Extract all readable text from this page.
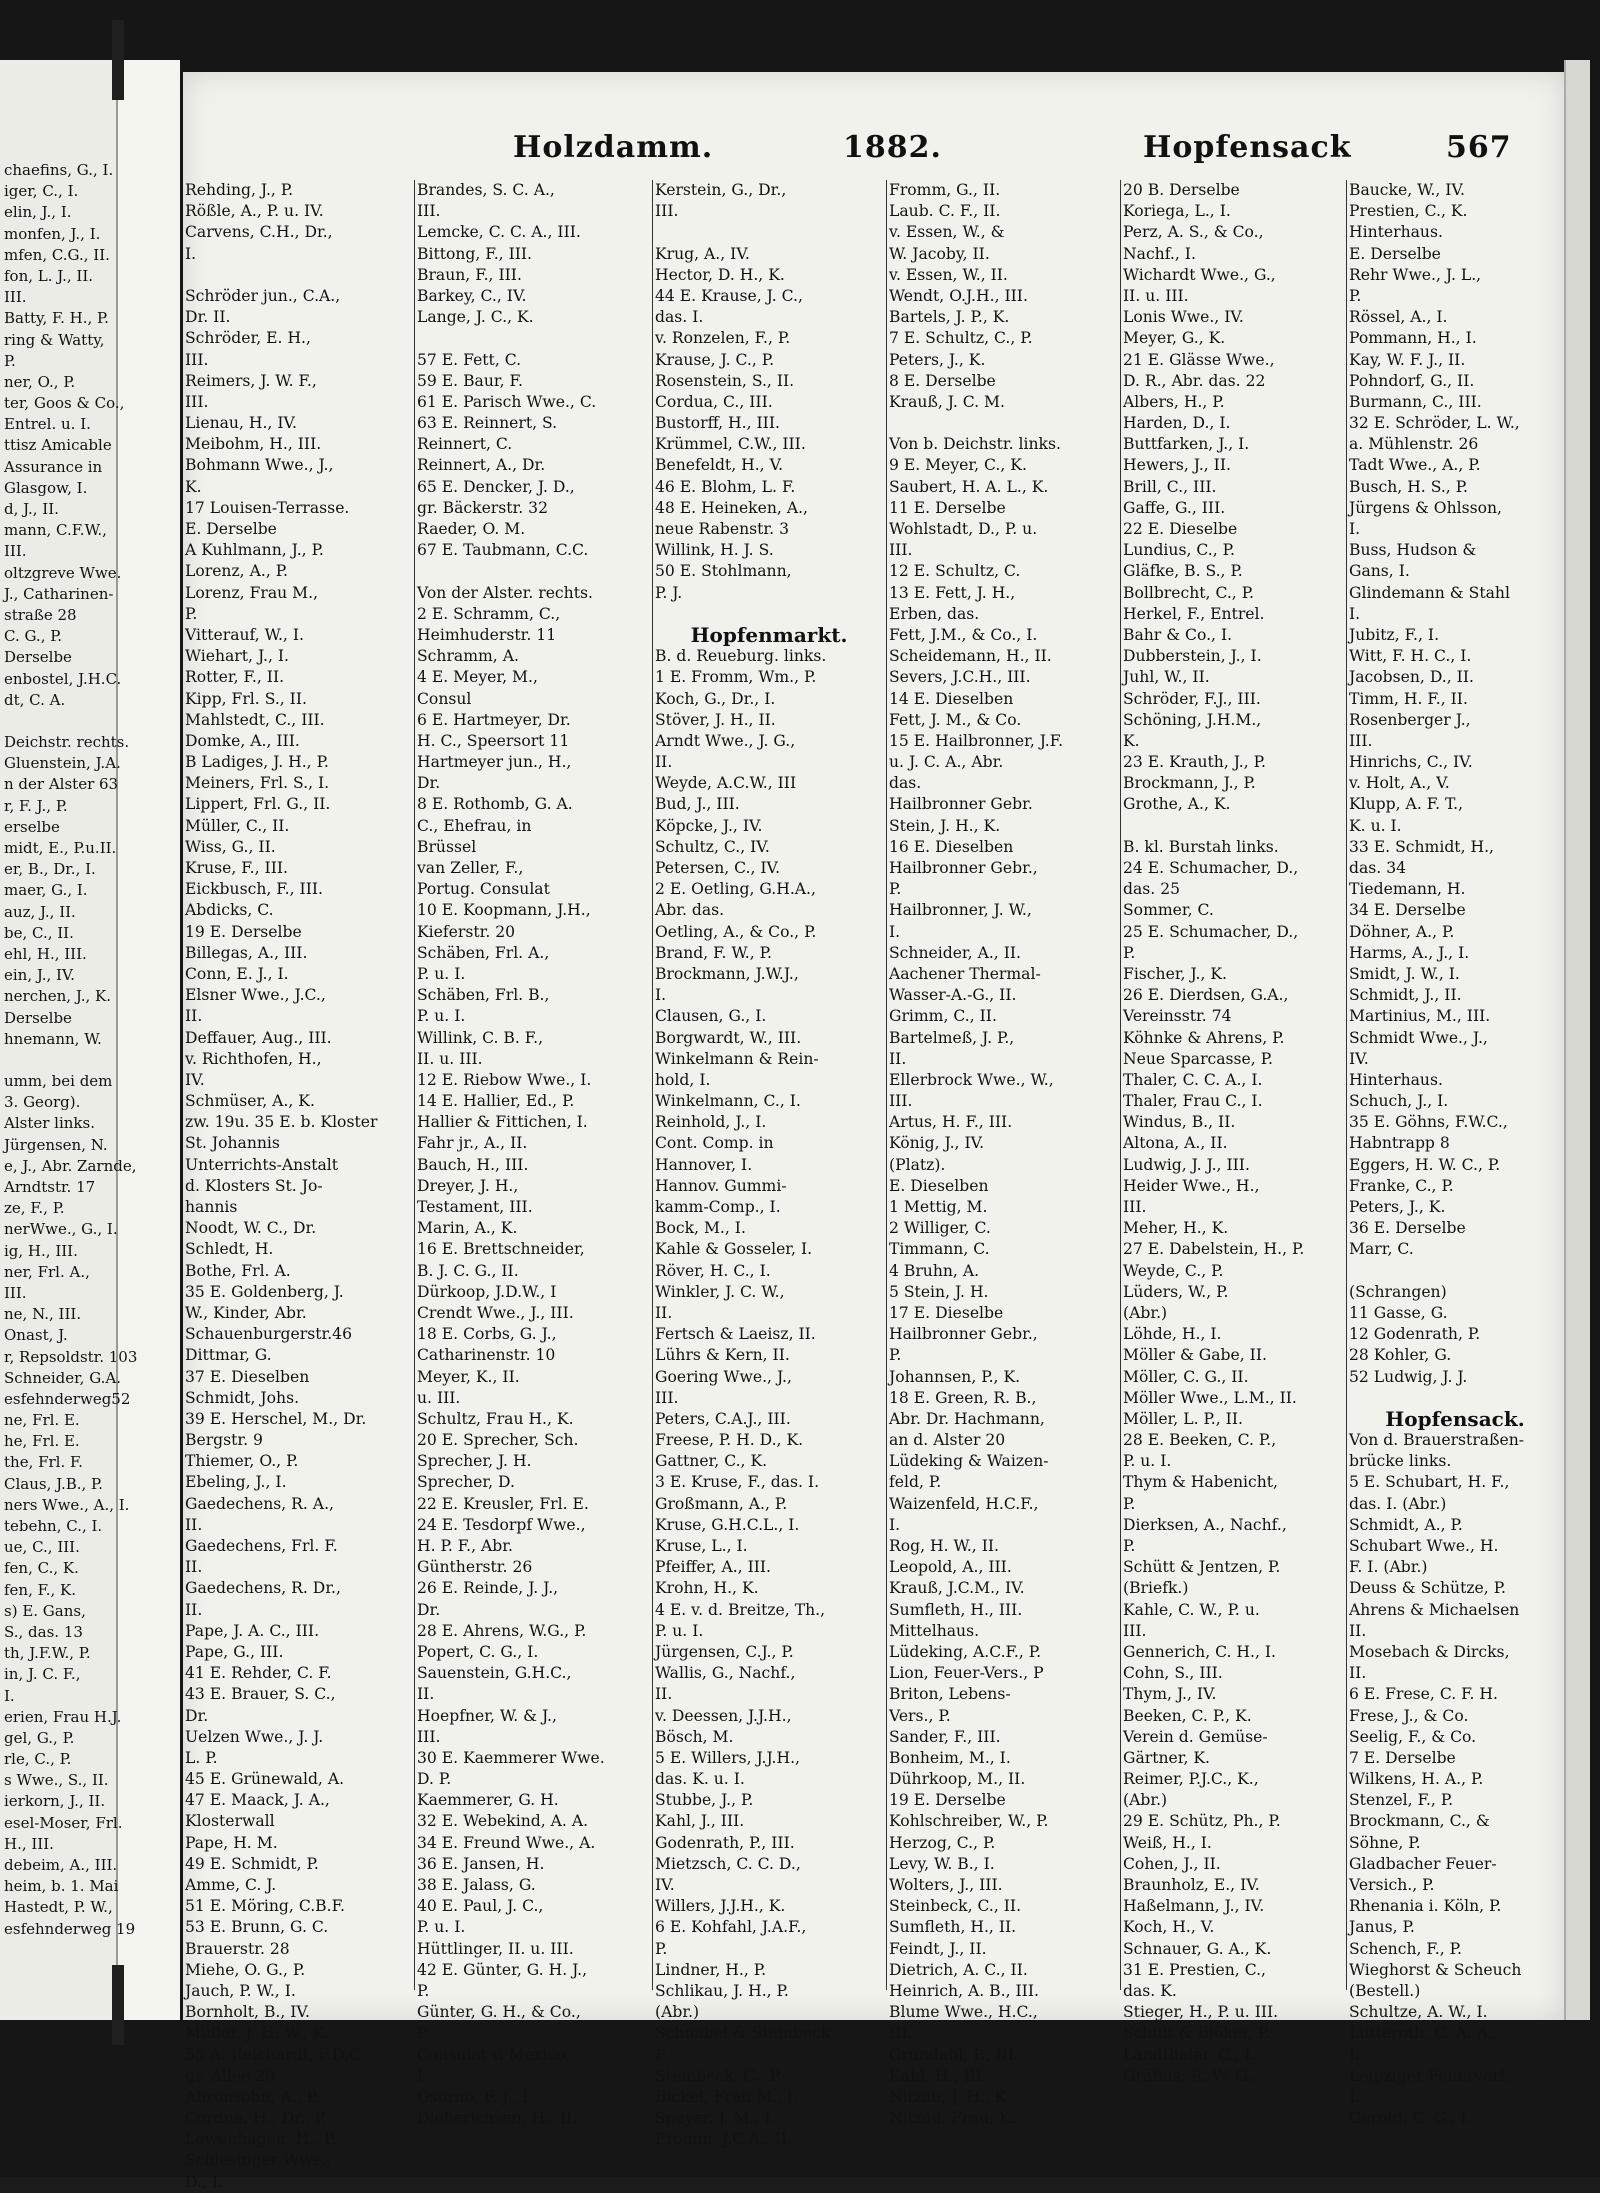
chaefins, G., I.
iger, C., I.
elin, J., I.
monfen, J., I.
mfen, C.G., II.
fon, L. J., II.
III.
Batty, F. H., P.
ring & Watty,
P.
ner, O., P.
ter, Goos & Co.,
Entrel. u. I.
ttisz Amicable
Assurance in
Glasgow, I.
d, J., II.
mann, C.F.W.,
III.
oltzgreve Wwe.
J., Catharinen-
straße 28
C. G., P.
Derselbe
enbostel, J.H.C.
dt, C. A.
Deichstr. rechts.
Gluenstein, J.A.
n der Alster 63
r, F. J., P.
erselbe
midt, E., P.u.II.
er, B., Dr., I.
maer, G., I.
auz, J., II.
be, C., II.
ehl, H., III.
ein, J., IV.
nerchen, J., K.
Derselbe
hnemann, W.
umm, bei dem
3. Georg).
Alster links.
Jürgensen, N.
e, J., Abr. Zarnde,
Arndtstr. 17
ze, F., P.
nerWwe., G., I.
ig, H., III.
ner, Frl. A.,
III.
ne, N., III.
Onast, J.
r, Repsoldstr. 103
Schneider, G.A.
esfehnderweg52
ne, Frl. E.
he, Frl. E.
the, Frl. F.
Claus, J.B., P.
ners Wwe., A., I.
tebehn, C., I.
ue, C., III.
fen, C., K.
fen, F., K.
s) E. Gans,
S., das. 13
th, J.F.W., P.
in, J. C. F.,
I.
erien, Frau H.J.
gel, G., P.
rle, C., P.
s Wwe., S., II.
ierkorn, J., II.
esel-Moser, Frl.
H., III.
debeim, A., III.
heim, b. 1. Mai
Hastedt, P. W.,
esfehnderweg 19
Holzdamm.	1882.	Hopfensack	567
Rehding, J., P.
Rößle, A., P. u. IV.
Carvens, C.H., Dr.,
I.
Schröder jun., C.A.,
Dr. II.
Schröder, E. H.,
III.
Reimers, J. W. F.,
III.
Lienau, H., IV.
Meibohm, H., III.
Bohmann Wwe., J.,
K.
17 Louisen-Terrasse.
E. Derselbe
A Kuhlmann, J., P.
Lorenz, A., P.
Lorenz, Frau M.,
P.
Vitterauf, W., I.
Wiehart, J., I.
Rotter, F., II.
Kipp, Frl. S., II.
Mahlstedt, C., III.
Domke, A., III.
B Ladiges, J. H., P.
Meiners, Frl. S., I.
Lippert, Frl. G., II.
Müller, C., II.
Wiss, G., II.
Kruse, F., III.
Eickbusch, F., III.
Abdicks, C.
19 E. Derselbe
Billegas, A., III.
Conn, E. J., I.
Elsner Wwe., J.C.,
II.
Deffauer, Aug., III.
v. Richthofen, H.,
IV.
Schmüser, A., K.
zw. 19u. 35 E. b. Kloster
St. Johannis
Unterrichts-Anstalt
d. Klosters St. Jo-
hannis
Noodt, W. C., Dr.
Schledt, H.
Bothe, Frl. A.
35 E. Goldenberg, J.
W., Kinder, Abr.
Schauenburgerstr.46
Dittmar, G.
37 E. Dieselben
Schmidt, Johs.
39 E. Herschel, M., Dr.
Bergstr. 9
Thiemer, O., P.
Ebeling, J., I.
Gaedechens, R. A.,
II.
Gaedechens, Frl. F.
II.
Gaedechens, R. Dr.,
II.
Pape, J. A. C., III.
Pape, G., III.
41 E. Rehder, C. F.
43 E. Brauer, S. C.,
Dr.
Uelzen Wwe., J. J.
L. P.
45 E. Grünewald, A.
47 E. Maack, J. A.,
Klosterwall
Pape, H. M.
49 E. Schmidt, P.
Amme, C. J.
51 E. Möring, C.B.F.
53 E. Brunn, G. C.
Brauerstr. 28
Miehe, O. G., P.
Jauch, P. W., I.
Bornholt, B., IV.
Müller, J. H. W., K.
55 A. Reichardt, F.D.C.
gr. Allee 20
Ahronsohn, A., P.
Cordua, H., Dr., P.
Lewenhagen, H., P.
Schlesinger Wwe.,
D., I.
Brandes, S. C. A.,
III.
Lemcke, C. C. A., III.
Bittong, F., III.
Braun, F., III.
Barkey, C., IV.
Lange, J. C., K.
57 E. Fett, C.
59 E. Baur, F.
61 E. Parisch Wwe., C.
63 E. Reinnert, S.
Reinnert, C.
Reinnert, A., Dr.
65 E. Dencker, J. D.,
gr. Bäckerstr. 32
Raeder, O. M.
67 E. Taubmann, C.C.
Von der Alster. rechts.
2 E. Schramm, C.,
Heimhuderstr. 11
Schramm, A.
4 E. Meyer, M.,
Consul
6 E. Hartmeyer, Dr.
H. C., Speersort 11
Hartmeyer jun., H.,
Dr.
8 E. Rothomb, G. A.
C., Ehefrau, in
Brüssel
van Zeller, F.,
Portug. Consulat
10 E. Koopmann, J.H.,
Kieferstr. 20
Schäben, Frl. A.,
P. u. I.
Schäben, Frl. B.,
P. u. I.
Willink, C. B. F.,
II. u. III.
12 E. Riebow Wwe., I.
14 E. Hallier, Ed., P.
Hallier & Fittichen, I.
Fahr jr., A., II.
Bauch, H., III.
Dreyer, J. H.,
Testament, III.
Marin, A., K.
16 E. Brettschneider,
B. J. C. G., II.
Dürkoop, J.D.W., I
Crendt Wwe., J., III.
18 E. Corbs, G. J.,
Catharinenstr. 10
Meyer, K., II.
u. III.
Schultz, Frau H., K.
20 E. Sprecher, Sch.
Sprecher, J. H.
Sprecher, D.
22 E. Kreusler, Frl. E.
24 E. Tesdorpf Wwe.,
H. P. F., Abr.
Güntherstr. 26
26 E. Reinde, J. J.,
Dr.
28 E. Ahrens, W.G., P.
Popert, C. G., I.
Sauenstein, G.H.C.,
II.
Hoepfner, W. & J.,
III.
30 E. Kaemmerer Wwe.
D. P.
Kaemmerer, G. H.
32 E. Webekind, A. A.
34 E. Freund Wwe., A.
36 E. Jansen, H.
38 E. Jalass, G.
40 E. Paul, J. C.,
P. u. I.
Hüttlinger, II. u. III.
42 E. Günter, G. H. J.,
P.
Günter, G. H., & Co.,
P.
Consulat v. Mexico,
I.
Osorno, F. J., I.
Dieberichsen, H., II.
Kerstein, G., Dr.,
III.
Krug, A., IV.
Hector, D. H., K.
44 E. Krause, J. C.,
das. I.
v. Ronzelen, F., P.
Krause, J. C., P.
Rosenstein, S., II.
Cordua, C., III.
Bustorff, H., III.
Krümmel, C.W., III.
Benefeldt, H., V.
46 E. Blohm, L. F.
48 E. Heineken, A.,
neue Rabenstr. 3
Willink, H. J. S.
50 E. Stohlmann,
P. J.
Hopfenmarkt.
B. d. Reueburg. links.
1 E. Fromm, Wm., P.
Koch, G., Dr., I.
Stöver, J. H., II.
Arndt Wwe., J. G.,
II.
Weyde, A.C.W., III
Bud, J., III.
Köpcke, J., IV.
Schultz, C., IV.
Petersen, C., IV.
2 E. Oetling, G.H.A.,
Abr. das.
Oetling, A., & Co., P.
Brand, F. W., P.
Brockmann, J.W.J.,
I.
Clausen, G., I.
Borgwardt, W., III.
Winkelmann & Rein-
hold, I.
Winkelmann, C., I.
Reinhold, J., I.
Cont. Comp. in
Hannover, I.
Hannov. Gummi-
kamm-Comp., I.
Bock, M., I.
Kahle & Gosseler, I.
Röver, H. C., I.
Winkler, J. C. W.,
II.
Fertsch & Laeisz, II.
Lührs & Kern, II.
Goering Wwe., J.,
III.
Peters, C.A.J., III.
Freese, P. H. D., K.
Gattner, C., K.
3 E. Kruse, F., das. I.
Großmann, A., P.
Kruse, G.H.C.L., I.
Kruse, L., I.
Pfeiffer, A., III.
Krohn, H., K.
4 E. v. d. Breitze, Th.,
P. u. I.
Jürgensen, C.J., P.
Wallis, G., Nachf.,
II.
v. Deessen, J.J.H.,
Bösch, M.
5 E. Willers, J.J.H.,
das. K. u. I.
Stubbe, J., P.
Kahl, J., III.
Godenrath, P., III.
Mietzsch, C. C. D.,
IV.
Willers, J.J.H., K.
6 E. Kohfahl, J.A.F.,
P.
Lindner, H., P.
Schlikau, J. H., P.
(Abr.)
Schnabel & Steinbeck
P.
Steinbeck, C., P.
Bickel, Frau M., I.
Speyer, J. M., I.
Fromm, J.C.A., II.
Fromm, G., II.
Laub. C. F., II.
v. Essen, W., &
W. Jacoby, II.
v. Essen, W., II.
Wendt, O.J.H., III.
Bartels, J. P., K.
7 E. Schultz, C., P.
Peters, J., K.
8 E. Derselbe
Krauß, J. C. M.
Von b. Deichstr. links.
9 E. Meyer, C., K.
Saubert, H. A. L., K.
11 E. Derselbe
Wohlstadt, D., P. u.
III.
12 E. Schultz, C.
13 E. Fett, J. H.,
Erben, das.
Fett, J.M., & Co., I.
Scheidemann, H., II.
Severs, J.C.H., III.
14 E. Dieselben
Fett, J. M., & Co.
15 E. Hailbronner, J.F.
u. J. C. A., Abr.
das.
Hailbronner Gebr.
Stein, J. H., K.
16 E. Dieselben
Hailbronner Gebr.,
P.
Hailbronner, J. W.,
I.
Schneider, A., II.
Aachener Thermal-
Wasser-A.-G., II.
Grimm, C., II.
Bartelmeß, J. P.,
II.
Ellerbrock Wwe., W.,
III.
Artus, H. F., III.
König, J., IV.
(Platz).
E. Dieselben
1 Mettig, M.
2 Williger, C.
Timmann, C.
4 Bruhn, A.
5 Stein, J. H.
17 E. Dieselbe
Hailbronner Gebr.,
P.
Johannsen, P., K.
18 E. Green, R. B.,
Abr. Dr. Hachmann,
an d. Alster 20
Lüdeking & Waizen-
feld, P.
Waizenfeld, H.C.F.,
I.
Rog, H. W., II.
Leopold, A., III.
Krauß, J.C.M., IV.
Sumfleth, H., III.
Mittelhaus.
Lüdeking, A.C.F., P.
Lion, Feuer-Vers., P
Briton, Lebens-
Vers., P.
Sander, F., III.
Bonheim, M., I.
Dührkoop, M., II.
19 E. Derselbe
Kohlschreiber, W., P.
Herzog, C., P.
Levy, W. B., I.
Wolters, J., III.
Steinbeck, C., II.
Sumfleth, H., II.
Feindt, J., II.
Dietrich, A. C., II.
Heinrich, A. B., III.
Blume Wwe., H.C.,
III.
Gründahl, P., III.
Kahl, H., III.
Nitzau, J. H., K.
Nitzau, Frau, K.
20 B. Derselbe
Koriega, L., I.
Perz, A. S., & Co.,
Nachf., I.
Wichardt Wwe., G.,
II. u. III.
Lonis Wwe., IV.
Meyer, G., K.
21 E. Glässe Wwe.,
D. R., Abr. das. 22
Albers, H., P.
Harden, D., I.
Buttfarken, J., I.
Hewers, J., II.
Brill, C., III.
Gaffe, G., III.
22 E. Dieselbe
Lundius, C., P.
Gläfke, B. S., P.
Bollbrecht, C., P.
Herkel, F., Entrel.
Bahr & Co., I.
Dubberstein, J., I.
Juhl, W., II.
Schröder, F.J., III.
Schöning, J.H.M.,
K.
23 E. Krauth, J., P.
Brockmann, J., P.
Grothe, A., K.
B. kl. Burstah links.
24 E. Schumacher, D.,
das. 25
Sommer, C.
25 E. Schumacher, D.,
P.
Fischer, J., K.
26 E. Dierdsen, G.A.,
Vereinsstr. 74
Köhnke & Ahrens, P.
Neue Sparcasse, P.
Thaler, C. C. A., I.
Thaler, Frau C., I.
Windus, B., II.
Altona, A., II.
Ludwig, J. J., III.
Heider Wwe., H.,
III.
Meher, H., K.
27 E. Dabelstein, H., P.
Weyde, C., P.
Lüders, W., P.
(Abr.)
Löhde, H., I.
Möller & Gabe, II.
Möller, C. G., II.
Möller Wwe., L.M., II.
Möller, L. P., II.
28 E. Beeken, C. P.,
P. u. I.
Thym & Habenicht,
P.
Dierksen, A., Nachf.,
P.
Schütt & Jentzen, P.
(Briefk.)
Kahle, C. W., P. u.
III.
Gennerich, C. H., I.
Cohn, S., III.
Thym, J., IV.
Beeken, C. P., K.
Verein d. Gemüse-
Gärtner, K.
Reimer, P.J.C., K.,
(Abr.)
29 E. Schütz, Ph., P.
Weiß, H., I.
Cohen, J., II.
Braunholz, E., IV.
Haßelmann, J., IV.
Koch, H., V.
Schnauer, G. A., K.
31 E. Prestien, C.,
das. K.
Stieger, H., P. u. III.
Schult & Blöker, P.
Landthaler, C., I.
Gräfius, R. W. G.,
Baucke, W., IV.
Prestien, C., K.
Hinterhaus.
E. Derselbe
Rehr Wwe., J. L.,
P.
Rössel, A., I.
Pommann, H., I.
Kay, W. F. J., II.
Pohndorf, G., II.
Burmann, C., III.
32 E. Schröder, L. W.,
a. Mühlenstr. 26
Tadt Wwe., A., P.
Busch, H. S., P.
Jürgens & Ohlsson,
I.
Buss, Hudson &
Gans, I.
Glindemann & Stahl
I.
Jubitz, F., I.
Witt, F. H. C., I.
Jacobsen, D., II.
Timm, H. F., II.
Rosenberger J.,
III.
Hinrichs, C., IV.
v. Holt, A., V.
Klupp, A. F. T.,
K. u. I.
33 E. Schmidt, H.,
das. 34
Tiedemann, H.
34 E. Derselbe
Döhner, A., P.
Harms, A., J., I.
Smidt, J. W., I.
Schmidt, J., II.
Martinius, M., III.
Schmidt Wwe., J.,
IV.
Hinterhaus.
Schuch, J., I.
35 E. Göhns, F.W.C.,
Habntrapp 8
Eggers, H. W. C., P.
Franke, C., P.
Peters, J., K.
36 E. Derselbe
Marr, C.
(Schrangen)
11 Gasse, G.
12 Godenrath, P.
28 Kohler, G.
52 Ludwig, J. J.
Hopfensack.
Von d. Brauerstraßen-
brücke links.
5 E. Schubart, H. F.,
das. I. (Abr.)
Schmidt, A., P.
Schubart Wwe., H.
F. I. (Abr.)
Deuss & Schütze, P.
Ahrens & Michaelsen
II.
Mosebach & Dircks,
II.
6 E. Frese, C. F. H.
Frese, J., & Co.
Seelig, F., & Co.
7 E. Derselbe
Wilkens, H. A., P.
Stenzel, F., P.
Brockmann, C., &
Söhne, P.
Gladbacher Feuer-
Versich., P.
Rhenania i. Köln, P.
Janus, P.
Schench, F., P.
Wieghorst & Scheuch
(Bestell.)
Schultze, A. W., I.
Lutteroth, C. A. A.,
I.
Leipziger Feuerverf.,
I.
Gerold, C. G., I.
